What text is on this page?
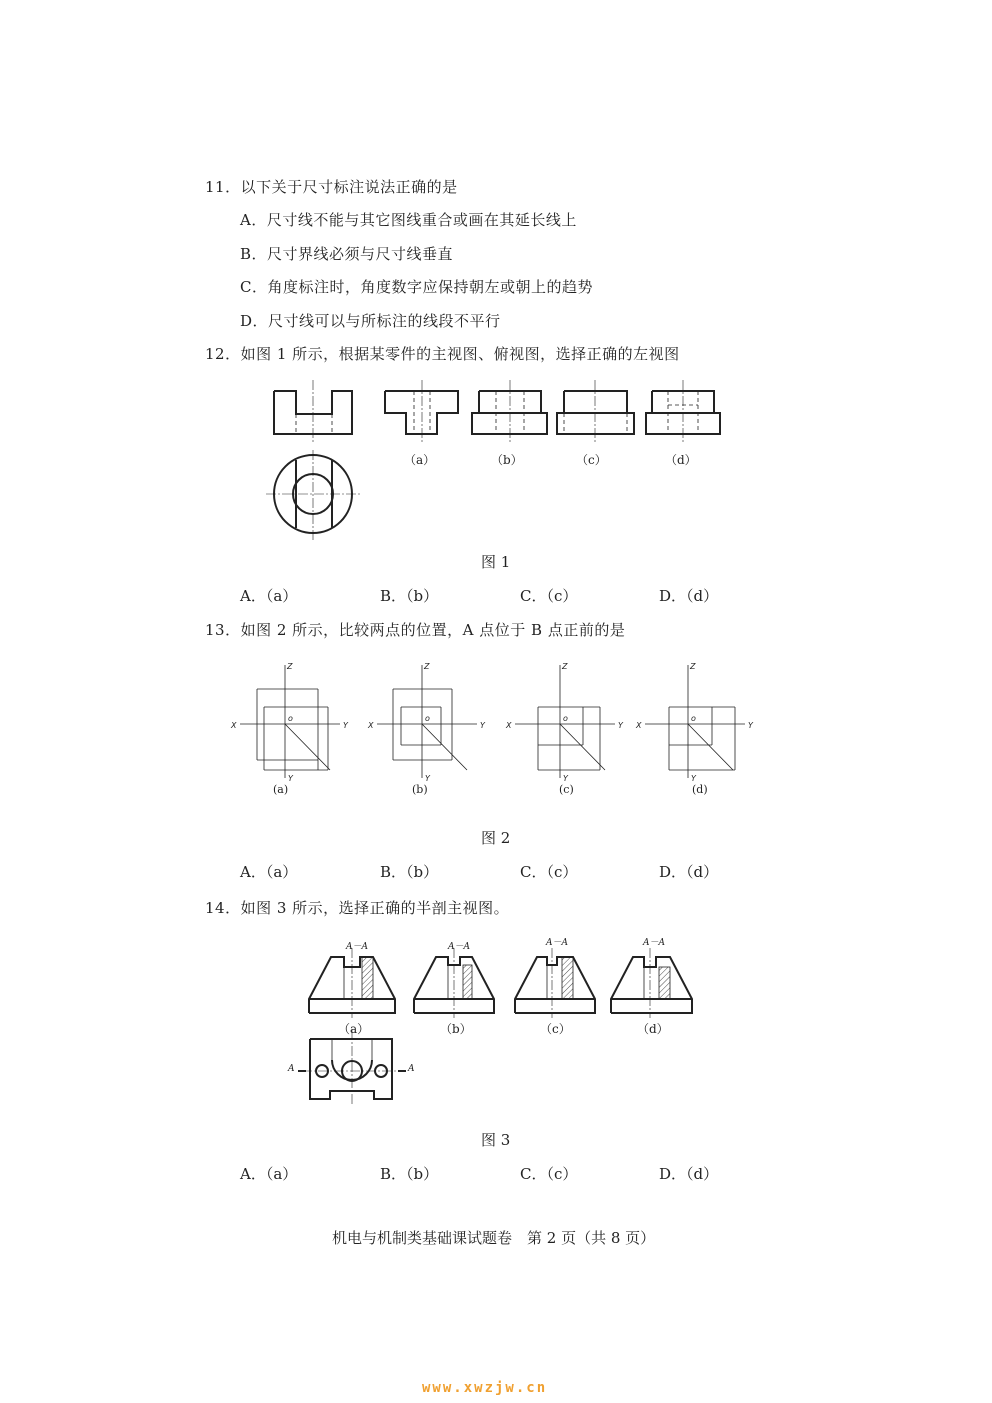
11．以下关于尺寸标注说法正确的是
A．尺寸线不能与其它图线重合或画在其延长线上
B．尺寸界线必须与尺寸线垂直
C．角度标注时，角度数字应保持朝左或朝上的趋势
D．尺寸线可以与所标注的线段不平行
12．如图 1 所示，根据某零件的主视图、俯视图，选择正确的左视图
（a）	（b）	（c）	（d）
图 1
A．（a）	B．（b）	C．（c）	D．（d）
13．如图 2 所示，比较两点的位置，A 点位于 B 点正前的是
Z
X
o
Y
Y
Z
X
o
Y
Y
Z
X
o
Y
Y
Z
X
o
Y
Y
(a)	(b)	(c)	(d)
图 2
A．（a）	B．（b）	C．（c）	D．（d）
14．如图 3 所示，选择正确的半剖主视图。
A－A	A－A	A－A	A－A
A	A
（a）	（b）	（c）	（d）
图 3
A．（a）	B．（b）	C．（c）	D．（d）
机电与机制类基础课试题卷　第 2 页（共 8 页）
www.xwzjw.cn
